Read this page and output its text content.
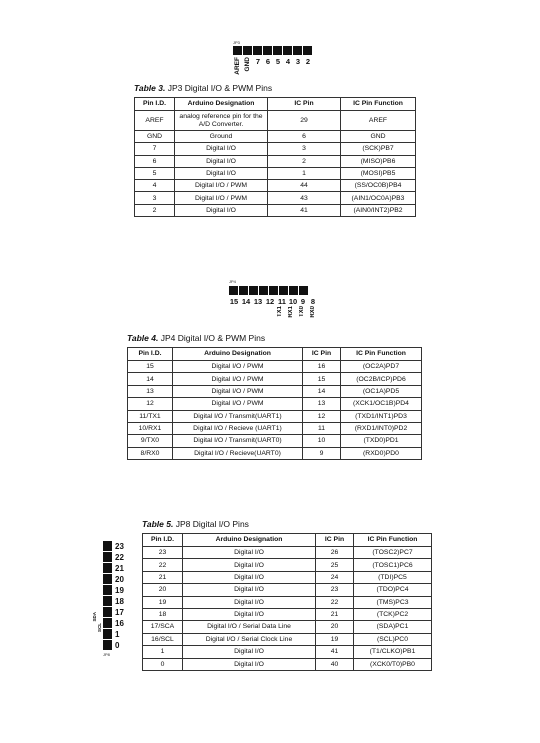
JP3
AREF GND 7 6 5 4 3 2
Table 3. JP3 Digital I/O & PWM Pins
Pin I.D.	Arduino Designation	IC Pin	IC Pin Function
AREF	analog reference pin for the A/D Converter.	29	AREF
GND	Ground	6	GND
7	Digital I/O	3	(SCK)PB7
6	Digital I/O	2	(MISO)PB6
5	Digital I/O	1	(MOSI)PB5
4	Digital I/O / PWM	44	(SS/OC0B)PB4
3	Digital I/O / PWM	43	(AIN1/OC0A)PB3
2	Digital I/O	41	(AIN0/INT2)PB2
JP4
15 14 13 12 11 10 9 8
TX1 RX1 TX0 RX0
Table 4. JP4 Digital I/O & PWM Pins
Pin I.D.	Arduino Designation	IC Pin	IC Pin Function
15	Digital I/O / PWM	16	(OC2A)PD7
14	Digital I/O / PWM	15	(OC2B/ICP)PD6
13	Digital I/O / PWM	14	(OC1A)PD5
12	Digital I/O / PWM	13	(XCK1/OC1B)PD4
11/TX1	Digital I/O / Transmit(UART1)	12	(TXD1/INT1)PD3
10/RX1	Digital I/O / Recieve (UART1)	11	(RXD1/INT0)PD2
9/TX0	Digital I/O / Transmit(UART0)	10	(TXD0)PD1
8/RX0	Digital I/O / Recieve(UART0)	9	(RXD0)PD0
23
22
21
20
19
18
17
16
1
0
SDA
SCL
JP8
Table 5. JP8 Digital I/O Pins
Pin I.D.	Arduino Designation	IC Pin	IC Pin Function
23	Digital I/O	26	(TOSC2)PC7
22	Digital I/O	25	(TOSC1)PC6
21	Digital I/O	24	(TDI)PC5
20	Digital I/O	23	(TDO)PC4
19	Digital I/O	22	(TMS)PC3
18	Digital I/O	21	(TCK)PC2
17/SCA	Digital I/O / Serial Data Line	20	(SDA)PC1
16/SCL	Digital I/O / Serial Clock Line	19	(SCL)PC0
1	Digital I/O	41	(T1/CLKO)PB1
0	Digital I/O	40	(XCK0/T0)PB0
